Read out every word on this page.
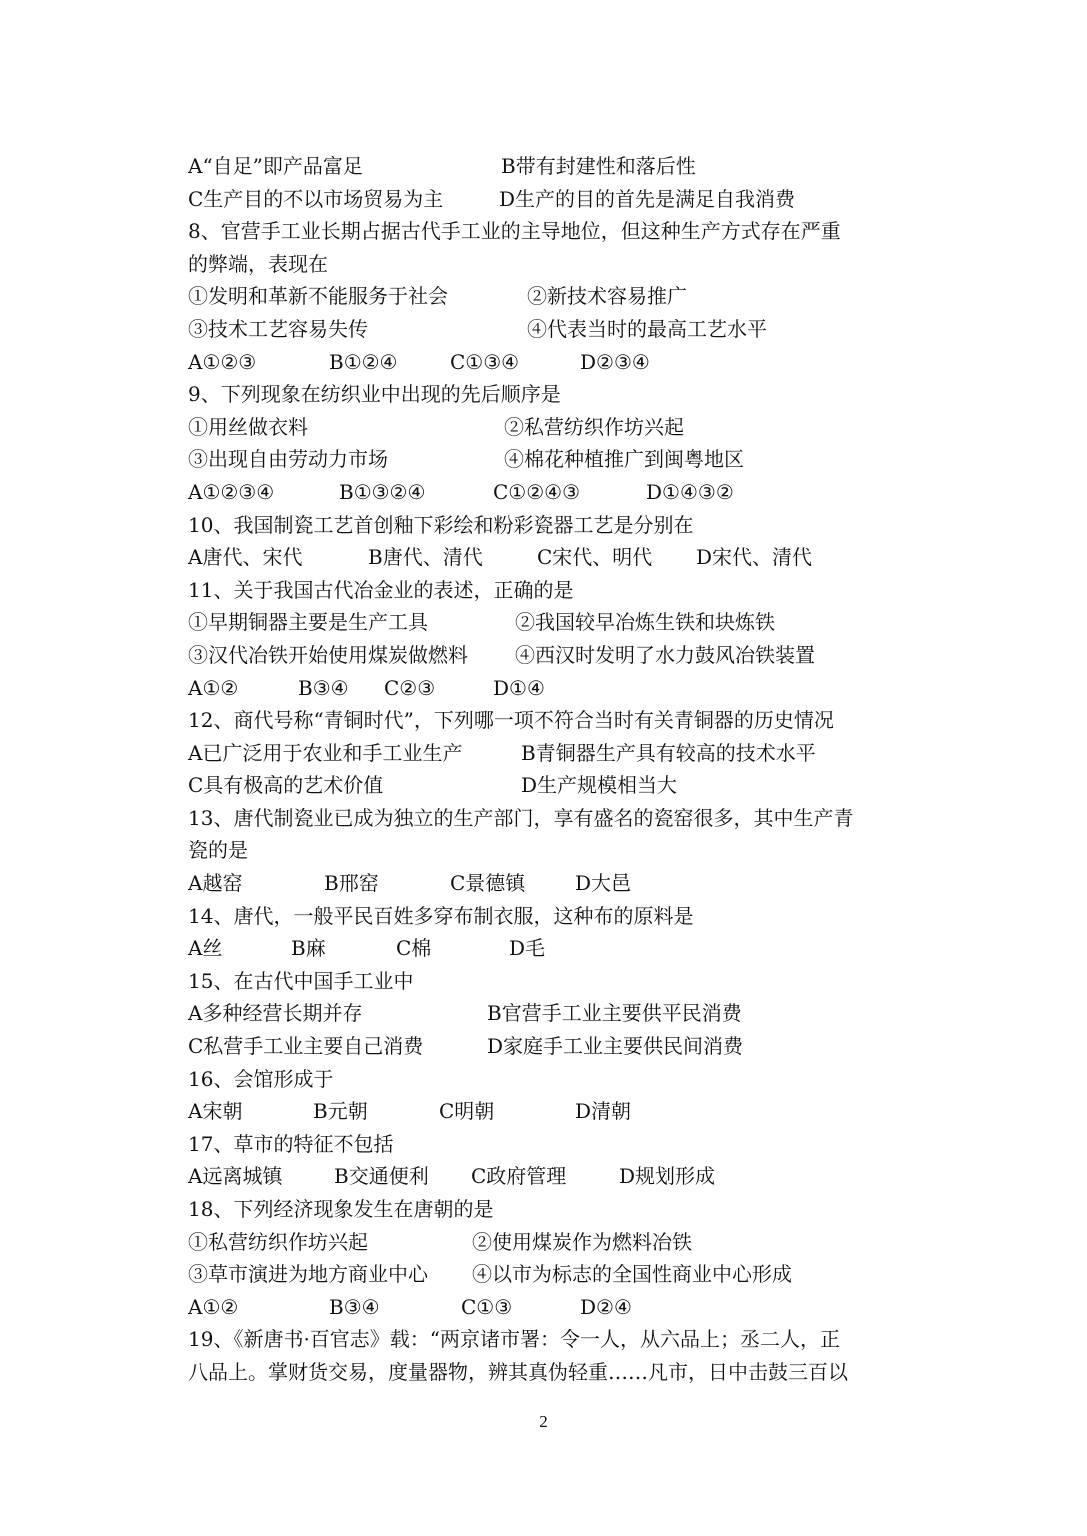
A“自足”即产品富足	B带有封建性和落后性
C生产目的不以市场贸易为主	D生产的目的首先是满足自我消费
8、官营手工业长期占据古代手工业的主导地位，但这种生产方式存在严重
的弊端，表现在
①发明和革新不能服务于社会	②新技术容易推广
③技术工艺容易失传	④代表当时的最高工艺水平
A①②③	B①②④	C①③④	D②③④
9、下列现象在纺织业中出现的先后顺序是
①用丝做衣料	②私营纺织作坊兴起
③出现自由劳动力市场	④棉花种植推广到闽粤地区
A①②③④	B①③②④	C①②④③	D①④③②
10、我国制瓷工艺首创釉下彩绘和粉彩瓷器工艺是分别在
A唐代、宋代	B唐代、清代	C宋代、明代 D宋代、清代
11、关于我国古代冶金业的表述，正确的是
①早期铜器主要是生产工具	②我国较早冶炼生铁和块炼铁
③汉代冶铁开始使用煤炭做燃料 ④西汉时发明了水力鼓风冶铁装置
A①②	B③④ C②③	D①④
12、商代号称“青铜时代”，下列哪一项不符合当时有关青铜器的历史情况
A已广泛用于农业和手工业生产	B青铜器生产具有较高的技术水平
C具有极高的艺术价值	D生产规模相当大
13、唐代制瓷业已成为独立的生产部门，享有盛名的瓷窑很多，其中生产青
瓷的是
A越窑	B邢窑	C景德镇 D大邑
14、唐代，一般平民百姓多穿布制衣服，这种布的原料是
A丝	B麻	C棉	D毛
15、在古代中国手工业中
A多种经营长期并存	B官营手工业主要供平民消费
C私营手工业主要自己消费	D家庭手工业主要供民间消费
16、会馆形成于
A宋朝	B元朝	C明朝	D清朝
17、草市的特征不包括
A远离城镇	B交通便利 C政府管理	D规划形成
18、下列经济现象发生在唐朝的是
①私营纺织作坊兴起	②使用煤炭作为燃料冶铁
③草市演进为地方商业中心 ④以市为标志的全国性商业中心形成
A①②	B③④	C①③	D②④
19、《新唐书·百官志》载：“两京诸市署：令一人，从六品上；丞二人，正
八品上。掌财货交易，度量器物，辨其真伪轻重……凡市，日中击鼓三百以
2
